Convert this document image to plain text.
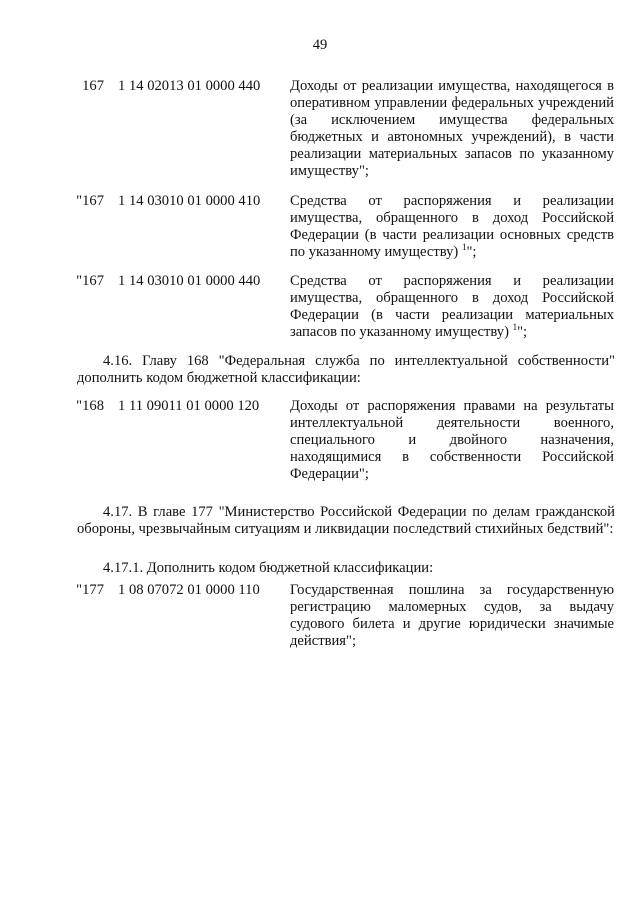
49
167 1 14 02013 01 0000 440	Доходы от реализации имущества, находящегося в оперативном управлении федеральных учреждений (за исключением имущества федеральных бюджетных и автономных учреждений), в части реализации материальных запасов по указанному имуществу";
"167 1 14 03010 01 0000 410	Средства от распоряжения и реализации имущества, обращенного в доход Российской Федерации (в части реализации основных средств по указанному имуществу) $^1$";
"167 1 14 03010 01 0000 440	Средства от распоряжения и реализации имущества, обращенного в доход Российской Федерации (в части реализации материальных запасов по указанному имуществу) $^1$";
4.16. Главу 168 "Федеральная служба по интеллектуальной собственности" дополнить кодом бюджетной классификации:
"168 1 11 09011 01 0000 120	Доходы от распоряжения правами на результаты интеллектуальной деятельности военного, специального и двойного назначения, находящимися в собственности Российской Федерации";
4.17. В главе 177 "Министерство Российской Федерации по делам гражданской обороны, чрезвычайным ситуациям и ликвидации последствий стихийных бедствий":
4.17.1. Дополнить кодом бюджетной классификации:
"177 1 08 07072 01 0000 110	Государственная пошлина за государственную регистрацию маломерных судов, за выдачу судового билета и другие юридически значимые действия";
